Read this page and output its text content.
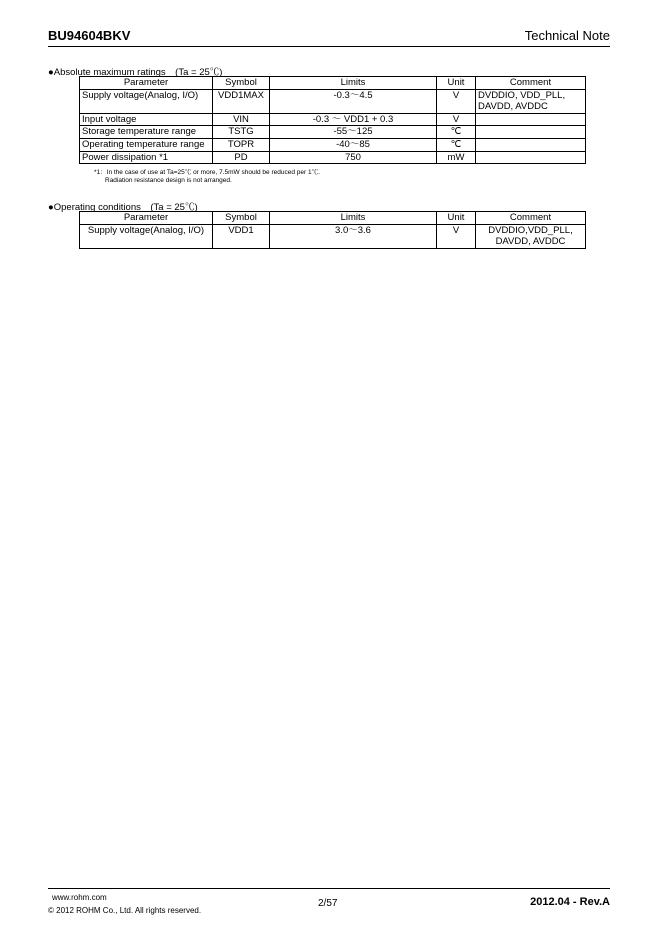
BU94604BKV	Technical Note
●Absolute maximum ratings　(Ta = 25℃)
Parameter	Symbol	Limits	Unit	Comment
Supply voltage(Analog, I/O)	VDD1MAX	-0.3～4.5	V	DVDDIO, VDD_PLL,
DAVDD, AVDDC

Input voltage	VIN	-0.3 ～ VDD1 + 0.3	V	
Storage temperature range	TSTG	-55～125	℃	
Operating temperature range	TOPR	-40～85	℃	
Power dissipation *1	PD	750	mW	
*1：In the case of use at Ta=25℃ or more, 7.5mW should be reduced per 1℃.
Radiation resistance design is not arranged.
●Operating conditions　(Ta = 25℃)
Parameter	Symbol	Limits	Unit	Comment
Supply voltage(Analog, I/O)	VDD1	3.0～3.6	V	DVDDIO,VDD_PLL,
DAVDD, AVDDC
www.rohm.com
© 2012 ROHM Co., Ltd. All rights reserved.
2/57	2012.04 - Rev.A
